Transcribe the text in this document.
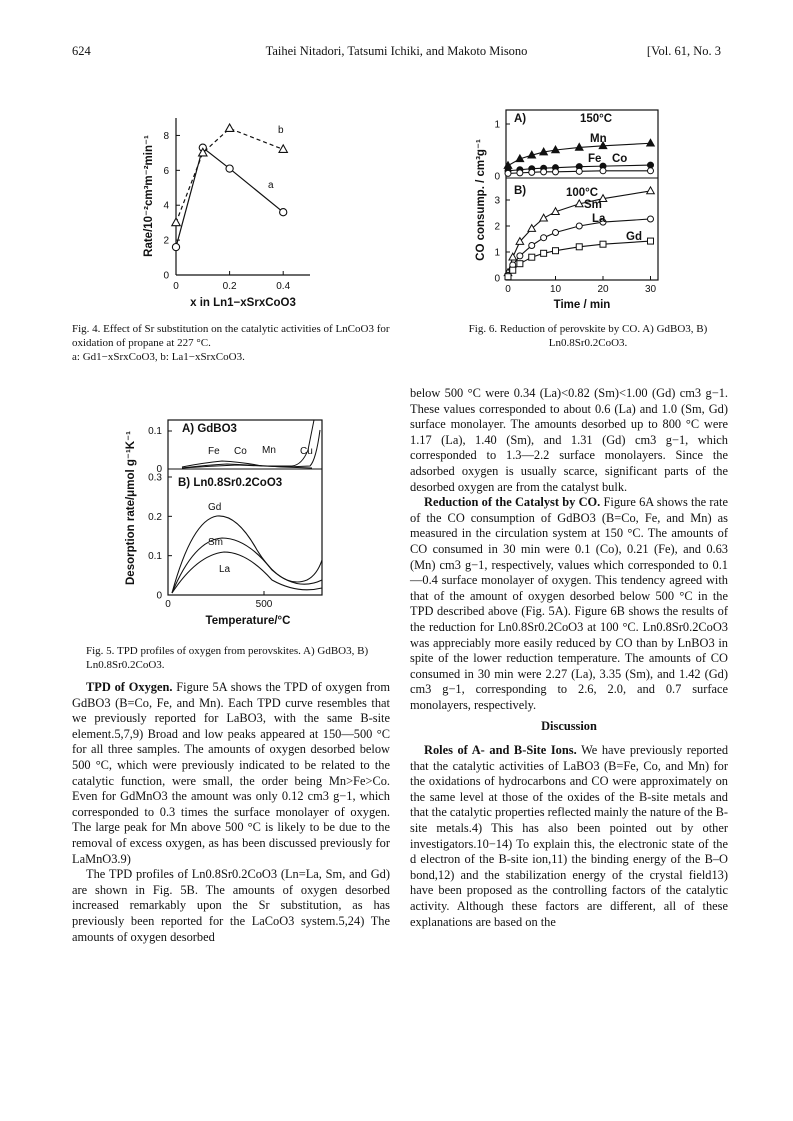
624	Taihei Nitadori, Tatsumi Ichiki, and Makoto Misono	[Vol. 61, No. 3
0
2
4
6
8
0	0.2	0.4
a
b
x in Ln1−xSrxCoO3
Rate/10⁻²cm³m⁻²min⁻¹

Fig. 4. Effect of Sr substitution on the catalytic activities of LnCoO3 for oxidation of propane at 227 °C.

a: Gd1−xSrxCoO3, b: La1−xSrxCoO3.

0.1
0
A) GdBO3
Fe Co Mn Cu
B) Ln0.8Sr0.2CoO3
0
0.1
0.2
0.3
Gd
Sm
La
0	500
Temperature/°C
Desorption rate/μmol g⁻¹K⁻¹

Fig. 5. TPD profiles of oxygen from perovskites. A) GdBO3, B) Ln0.8Sr0.2CoO3.

A)	150°C
B)	100°C
0	10	20	30
0
1
0
1
2
3
Mn
Fe Co
Sm
La
Gd
Time / min
CO consump. / cm³g⁻¹

Fig. 6. Reduction of perovskite by CO. A) GdBO3, B) Ln0.8Sr0.2CoO3.

TPD of Oxygen. Figure 5A shows the TPD of oxygen from GdBO3 (B=Co, Fe, and Mn). Each TPD curve resembles that we previously reported for LaBO3, with the same B-site element.5,7,9) Broad and low peaks appeared at 150—500 °C for all three samples. The amounts of oxygen desorbed below 500 °C, which were previously indicated to be related to the catalytic function, were small, the order being Mn>Fe>Co. Even for GdMnO3 the amount was only 0.12 cm3 g−1, which corresponded to 0.3 times the surface monolayer of oxygen. The large peak for Mn above 500 °C is likely to be due to the removal of excess oxygen, as has been discussed previously for LaMnO3.9)

The TPD profiles of Ln0.8Sr0.2CoO3 (Ln=La, Sm, and Gd) are shown in Fig. 5B. The amounts of oxygen desorbed increased remarkably upon the Sr substitution, as has previously been reported for the LaCoO3 system.5,24) The amounts of oxygen desorbed

below 500 °C were 0.34 (La)<0.82 (Sm)<1.00 (Gd) cm3 g−1. These values corresponded to about 0.6 (La) and 1.0 (Sm, Gd) surface monolayer. The amounts desorbed up to 800 °C were 1.17 (La), 1.40 (Sm), and 1.31 (Gd) cm3 g−1, which corresponded to 1.3—2.2 surface monolayers. Since the adsorbed oxygen is usually scarce, significant parts of the desorbed oxygen are from the catalyst bulk.

Reduction of the Catalyst by CO. Figure 6A shows the rate of the CO consumption of GdBO3 (B=Co, Fe, and Mn) as measured in the circulation system at 150 °C. The amounts of CO consumed in 30 min were 0.1 (Co), 0.21 (Fe), and 0.63 (Mn) cm3 g−1, respectively, values which corresponded to 0.1—0.4 surface monolayer of oxygen. This tendency agreed with that of the amount of oxygen desorbed below 500 °C in the TPD described above (Fig. 5A). Figure 6B shows the results of the reduction for Ln0.8Sr0.2CoO3 at 100 °C. Ln0.8Sr0.2CoO3 was appreciably more easily reduced by CO than by LnBO3 in spite of the lower reduction temperature. The amounts of CO consumed in 30 min were 2.27 (La), 3.35 (Sm), and 1.42 (Gd) cm3 g−1, corresponding to 2.6, 2.0, and 0.7 surface monolayers, respectively.

Discussion

Roles of A- and B-Site Ions. We have previously reported that the catalytic activities of LaBO3 (B=Fe, Co, and Mn) for the oxidations of hydrocarbons and CO were approximately on the same level at those of the oxides of the B-site metals and that the catalytic properties reflected mainly the nature of the B-site metals.4) This has also been pointed out by other investigators.10−14) To explain this, the electronic state of the d electron of the B-site ion,11) the binding energy of the B–O bond,12) and the stabilization energy of the crystal field13) have been proposed as the controlling factors of the catalytic activity. Although these factors are different, all of these explanations are based on the
